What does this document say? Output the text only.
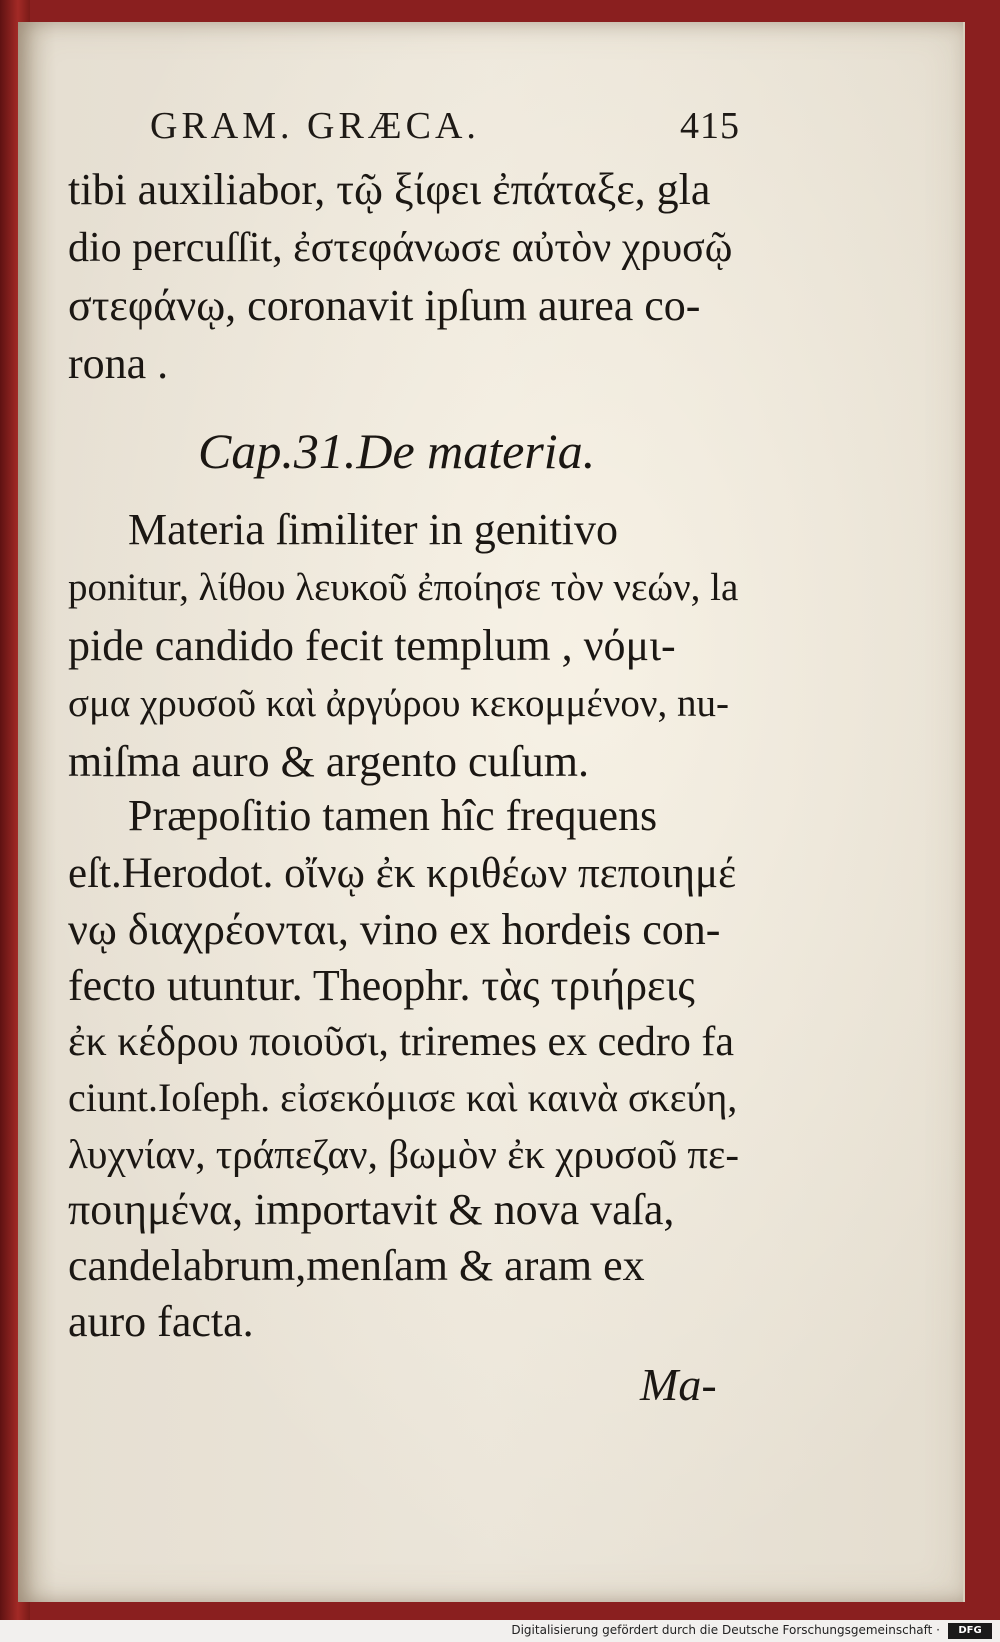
GRAM. GRÆCA.	415
tibi auxiliabor, τῷ ξίφει ἐπάταξε, gla
dio percuſſit, ἐστεφάνωσε αὐτὸν χρυσῷ
στεφάνῳ, coronavit ipſum aurea co-
rona .
Cap.31.De materia.
Materia ſimiliter in genitivo
ponitur, λίθου λευκοῦ ἐποίησε τὸν νεών, la
pide candido fecit templum , νόμι-
σμα χρυσοῦ καὶ ἀργύρου κεκομμένον, nu-
miſma auro & argento cuſum.
Præpoſitio tamen hîc frequens
eſt.Herodot. οἴνῳ ἐκ κριθέων πεποιημέ
νῳ διαχρέονται, vino ex hordeis con-
fecto utuntur. Theophr. τὰς τριήρεις
ἐκ κέδρου ποιοῦσι, triremes ex cedro fa
ciunt.Ioſeph. εἰσεκόμισε καὶ καινὰ σκεύη,
λυχνίαν, τράπεζαν, βωμὸν ἐκ χρυσοῦ πε-
ποιημένα, importavit & nova vaſa,
candelabrum,menſam & aram ex
auro facta.
Ma-
Digitalisierung gefördert durch die Deutsche Forschungsgemeinschaft ·	DFG
